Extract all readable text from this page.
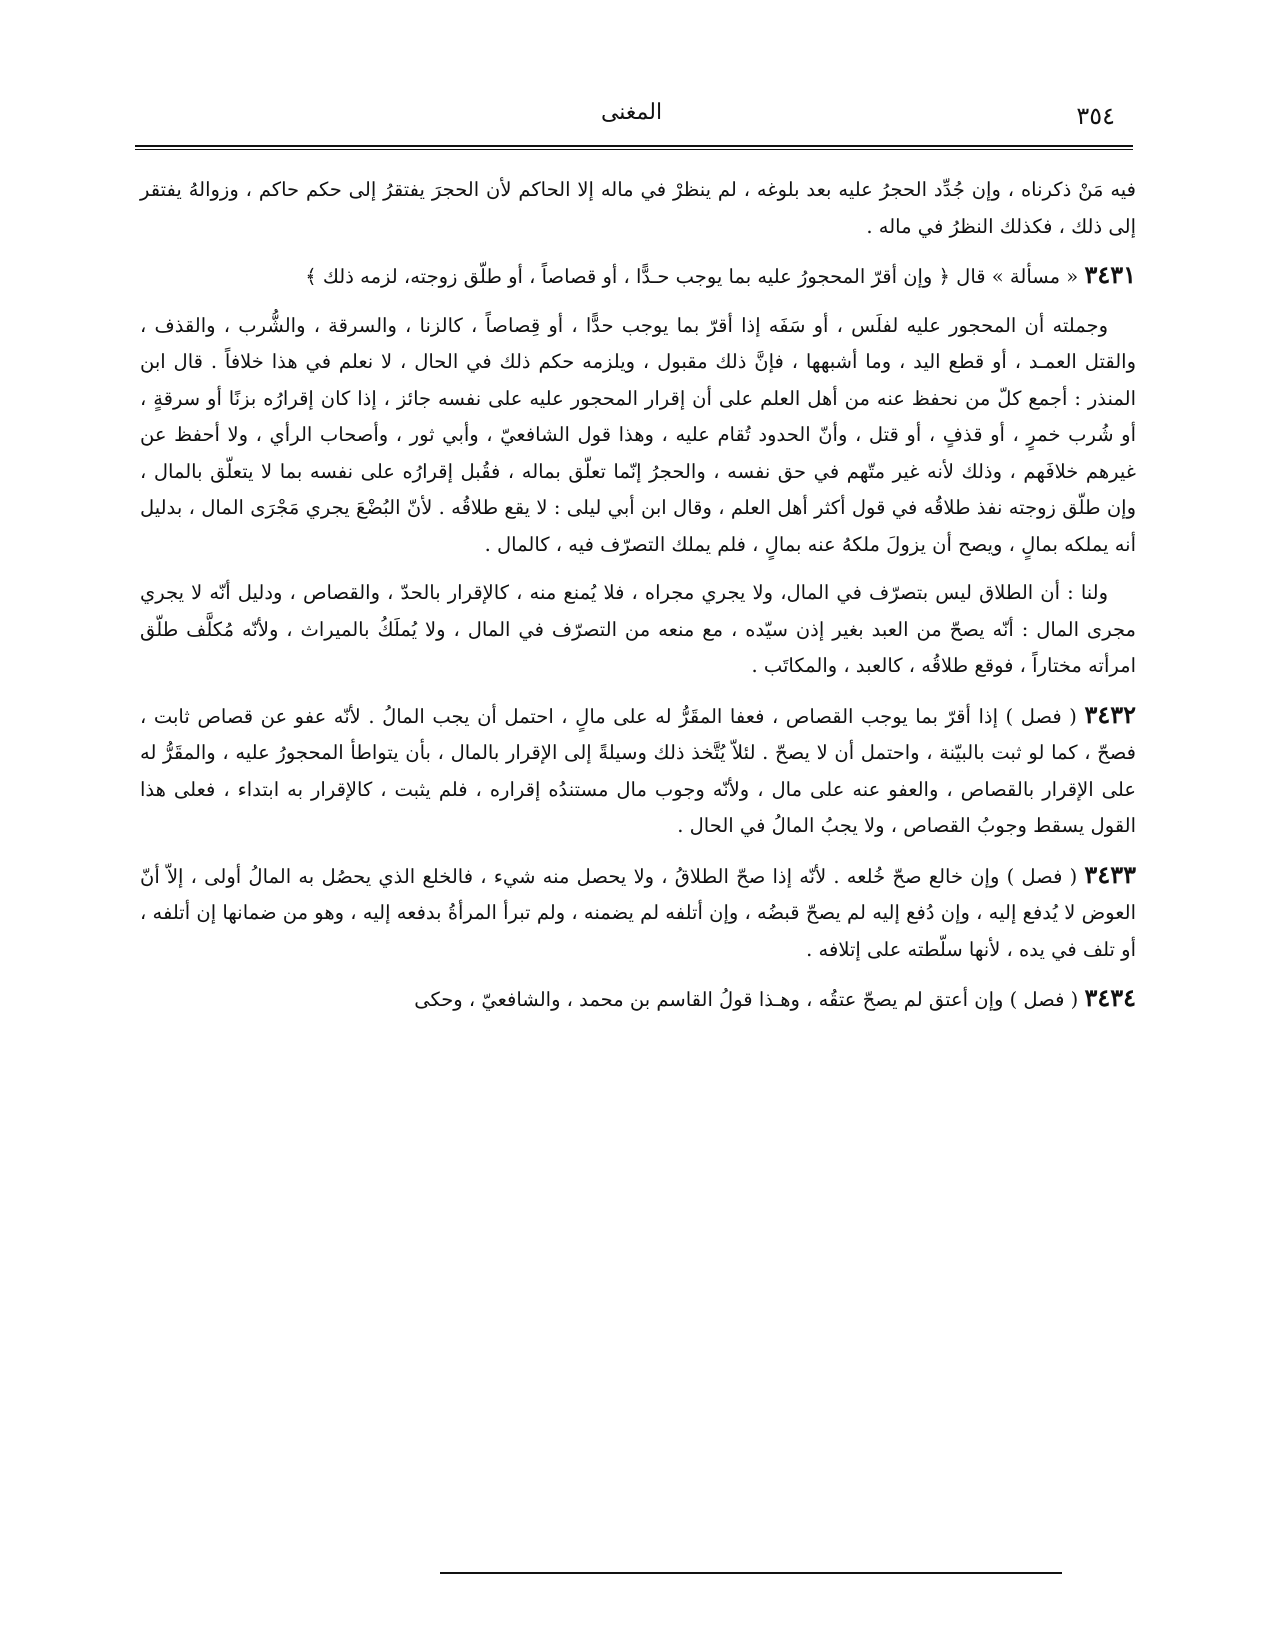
٣٥٤
المغنى

فيه مَنْ ذكرناه ، وإن جُدِّد الحجرُ عليه بعد بلوغه ، لم ينظرْ في ماله إلا الحاكم لأن الحجرَ يفتقرُ إلى حكم حاكم ، وزوالهُ يفتقر إلى ذلك ، فكذلك النظرُ في ماله .

٣٤٣١ « مسألة » قال ﴿ وإن أقرّ المحجورُ عليه بما يوجب حـدًّا ، أو قصاصاً ، أو طلّق زوجته، لزمه ذلك ﴾

وجملته أن المحجور عليه لفلَس ، أو سَفَه إذا أقرّ بما يوجب حدًّا ، أو قِصاصاً ، كالزنا ، والسرقة ، والشُّرب ، والقذف ، والقتل العمـد ، أو قطع اليد ، وما أشبهها ، فإنَّ ذلك مقبول ، ويلزمه حكم ذلك في الحال ، لا نعلم في هذا خلافاً . قال ابن المنذر : أجمع كلّ من نحفظ عنه من أهل العلم على أن إقرار المحجور عليه على نفسه جائز ، إذا كان إقرارُه بزنًا أو سرقةٍ ، أو شُرب خمرٍ ، أو قذفٍ ، أو قتل ، وأنّ الحدود تُقام عليه ، وهذا قول الشافعيّ ، وأبي ثور ، وأصحاب الرأي ، ولا أحفظ عن غيرهم خلافَهم ، وذلك لأنه غير متّهم في حق نفسه ، والحجرُ إنّما تعلّق بماله ، فقُبل إقرارُه على نفسه بما لا يتعلّق بالمال ، وإن طلّق زوجته نفذ طلاقُه في قول أكثر أهل العلم ، وقال ابن أبي ليلى : لا يقع طلاقُه . لأنّ البُضْعَ يجري مَجْرَى المال ، بدليل أنه يملكه بمالٍ ، ويصح أن يزولَ ملكهُ عنه بمالٍ ، فلم يملك التصرّف فيه ، كالمال .

ولنا : أن الطلاق ليس بتصرّف في المال، ولا يجري مجراه ، فلا يُمنع منه ، كالإقرار بالحدّ ، والقصاص ، ودليل أنّه لا يجري مجرى المال : أنّه يصحّ من العبد بغير إذن سيّده ، مع منعه من التصرّف في المال ، ولا يُملَكُ بالميراث ، ولأنّه مُكلَّف طلّق امرأته مختاراً ، فوقع طلاقُه ، كالعبد ، والمكاتَب .

٣٤٣٢ ( فصل ) إذا أقرّ بما يوجب القصاص ، فعفا المقَرُّ له على مالٍ ، احتمل أن يجب المالُ . لأنّه عفو عن قصاص ثابت ، فصحّ ، كما لو ثبت بالبيّنة ، واحتمل أن لا يصحّ . لئلاّ يُتَّخذ ذلك وسيلةً إلى الإقرار بالمال ، بأن يتواطأ المحجورُ عليه ، والمقَرُّ له على الإقرار بالقصاص ، والعفو عنه على مال ، ولأنّه وجوب مال مستندُه إقراره ، فلم يثبت ، كالإقرار به ابتداء ، فعلى هذا القول يسقط وجوبُ القصاص ، ولا يجبُ المالُ في الحال .

٣٤٣٣ ( فصل ) وإن خالع صحّ خُلعه . لأنّه إذا صحّ الطلاقُ ، ولا يحصل منه شيء ، فالخلع الذي يحصُل به المالُ أولى ، إلاّ أنّ العوض لا يُدفع إليه ، وإن دُفع إليه لم يصحّ قبضُه ، وإن أتلفه لم يضمنه ، ولم تبرأ المرأةُ بدفعه إليه ، وهو من ضمانها إن أتلفه ، أو تلف في يده ، لأنها سلّطته على إتلافه .

٣٤٣٤ ( فصل ) وإن أعتق لم يصحّ عتقُه ، وهـذا قولُ القاسم بن محمد ، والشافعيّ ، وحكى
